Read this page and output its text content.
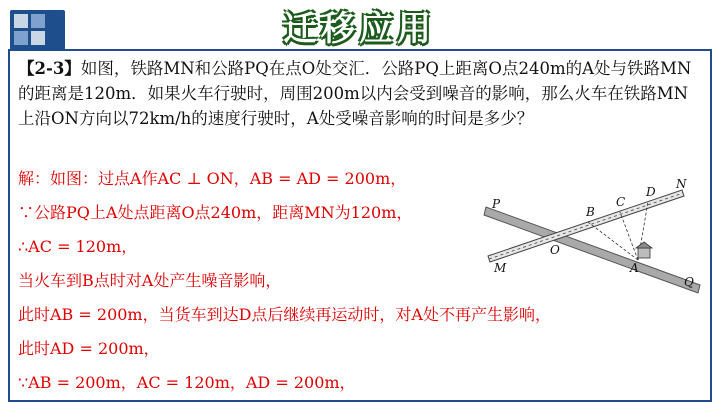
迁移应用
【2-3】如图，铁路MN和公路PQ在点O处交汇．公路PQ上距离O点240m的A处与铁路MN的距离是120m．如果火车行驶时，周围200m以内会受到噪音的影响，那么火车在铁路MN上沿ON方向以72km/h的速度行驶时，A处受噪音影响的时间是多少？
解：如图：过点A作AC ⊥ ON，AB = AD = 200m，
∵公路PQ上A处点距离O点240m，距离MN为120m，
∴AC = 120m，
当火车到B点时对A处产生噪音影响，
此时AB = 200m，当货车到达D点后继续再运动时，对A处不再产生影响，
此时AD = 200m，
∵AB = 200m，AC = 120m，AD = 200m，
P
Q
M
N
O
A
B
C
D
